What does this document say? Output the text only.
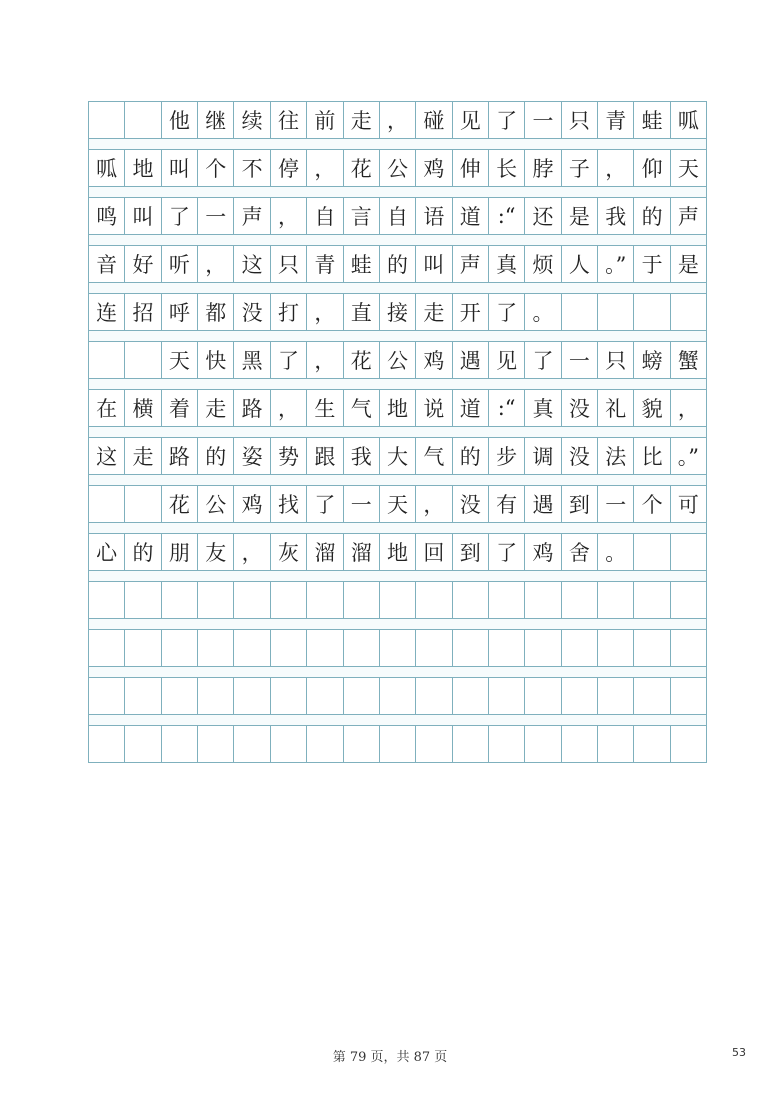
他 继 续 往 前 走 ， 碰 见 了 一 只 青 蛙 呱
呱 地 叫 个 不 停 ， 花 公 鸡 伸 长 脖 子 ， 仰 天
鸣 叫 了 一 声 ， 自 言 自 语 道 :“ 还 是 我 的 声
音 好 听 ， 这 只 青 蛙 的 叫 声 真 烦 人 。” 于 是
连 招 呼 都 没 打 ， 直 接 走 开 了 。
天 快 黑 了 ， 花 公 鸡 遇 见 了 一 只 螃 蟹
在 横 着 走 路 ， 生 气 地 说 道 :“ 真 没 礼 貌 ，
这 走 路 的 姿 势 跟 我 大 气 的 步 调 没 法 比 。”
花 公 鸡 找 了 一 天 ， 没 有 遇 到 一 个 可
心 的 朋 友 ， 灰 溜 溜 地 回 到 了 鸡 舍 。
第 79 页，共 87 页	53
